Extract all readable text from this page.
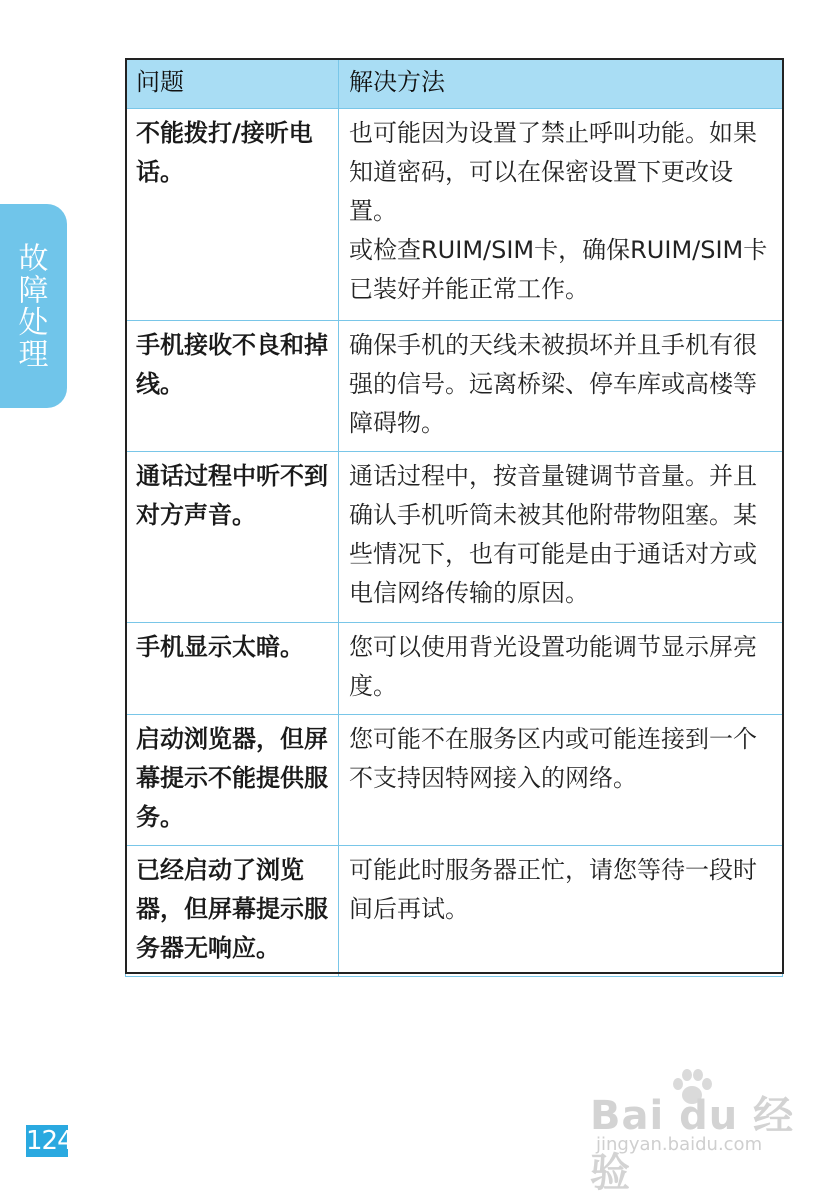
故障处理
问题	解决方法
不能拨打/接听电话。	也可能因为设置了禁止呼叫功能。如果知道密码，可以在保密设置下更改设置。
或检查RUIM/SIM卡，确保RUIM/SIM卡已装好并能正常工作。

手机接收不良和掉线。	确保手机的天线未被损坏并且手机有很强的信号。远离桥梁、停车库或高楼等障碍物。

通话过程中听不到对方声音。	通话过程中，按音量键调节音量。并且确认手机听筒未被其他附带物阻塞。某些情况下，也有可能是由于通话对方或电信网络传输的原因。

手机显示太暗。	您可以使用背光设置功能调节显示屏亮度。

启动浏览器，但屏幕提示不能提供服务。	您可能不在服务区内或可能连接到一个不支持因特网接入的网络。

已经启动了浏览器，但屏幕提示服务器无响应。	可能此时服务器正忙，请您等待一段时间后再试。
124
Bai du 经验
jingyan.baidu.com
